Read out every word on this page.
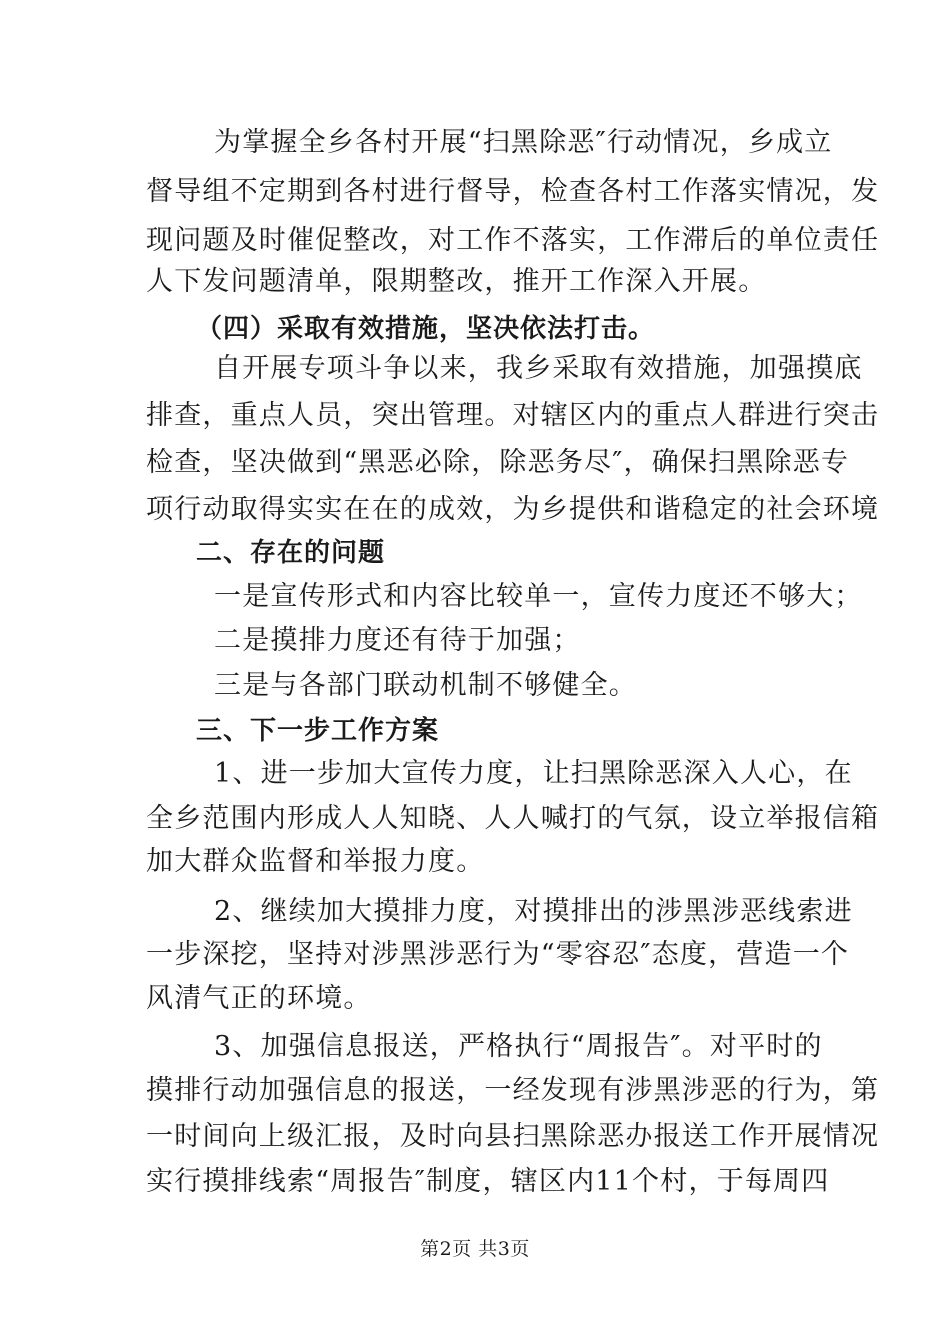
为掌握全乡各村开展“扫黑除恶″行动情况，乡成立
督导组不定期到各村进行督导，检查各村工作落实情况，发
现问题及时催促整改，对工作不落实，工作滞后的单位责任
人下发问题清单，限期整改，推开工作深入开展。
（四）采取有效措施，坚决依法打击。
自开展专项斗争以来，我乡采取有效措施，加强摸底
排查，重点人员，突出管理。对辖区内的重点人群进行突击
检查，坚决做到“黑恶必除，除恶务尽″，确保扫黑除恶专
项行动取得实实在在的成效，为乡提供和谐稳定的社会环境
二、存在的问题
一是宣传形式和内容比较单一，宣传力度还不够大；
二是摸排力度还有待于加强；
三是与各部门联动机制不够健全。
三、下一步工作方案
1、进一步加大宣传力度，让扫黑除恶深入人心，在
全乡范围内形成人人知晓、人人喊打的气氛，设立举报信箱
加大群众监督和举报力度。
2、继续加大摸排力度，对摸排出的涉黑涉恶线索进
一步深挖，坚持对涉黑涉恶行为“零容忍″态度，营造一个
风清气正的环境。
3、加强信息报送，严格执行“周报告″。对平时的
摸排行动加强信息的报送，一经发现有涉黑涉恶的行为，第
一时间向上级汇报，及时向县扫黑除恶办报送工作开展情况
实行摸排线索“周报告″制度，辖区内11个村，于每周四
第2页 共3页
